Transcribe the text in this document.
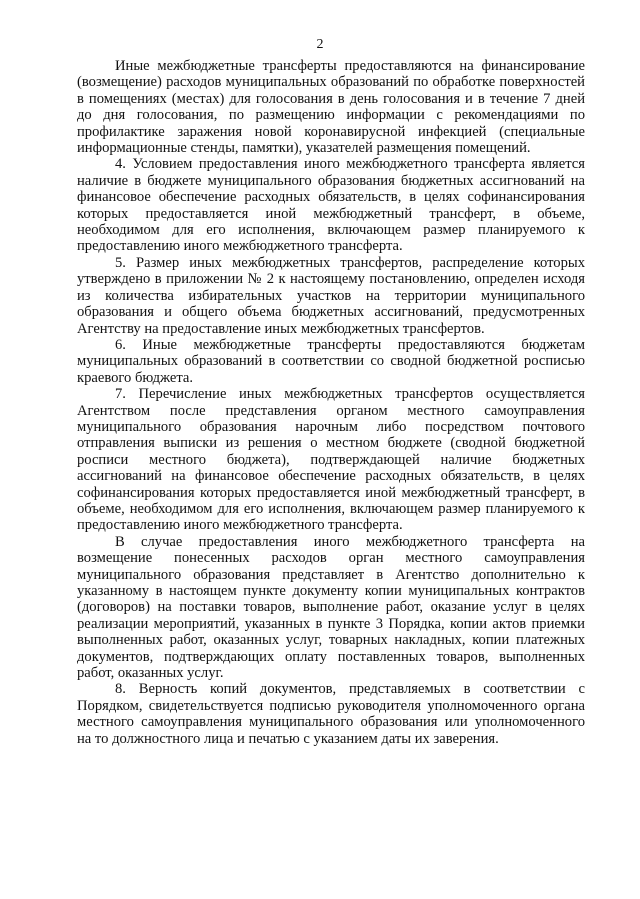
2

Иные межбюджетные трансферты предоставляются на финансирование (возмещение) расходов муниципальных образований по обработке поверхностей в помещениях (местах) для голосования в день голосования и в течение 7 дней до дня голосования, по размещению информации с рекомендациями по профилактике заражения новой коронавирусной инфекцией (специальные информационные стенды, памятки), указателей размещения помещений.

4. Условием предоставления иного межбюджетного трансферта является наличие в бюджете муниципального образования бюджетных ассигнований на финансовое обеспечение расходных обязательств, в целях софинансирования которых предоставляется иной межбюджетный трансферт, в объеме, необходимом для его исполнения, включающем размер планируемого к предоставлению иного межбюджетного трансферта.

5. Размер иных межбюджетных трансфертов, распределение которых утверждено в приложении № 2 к настоящему постановлению, определен исходя из количества избирательных участков на территории муниципального образования и общего объема бюджетных ассигнований, предусмотренных Агентству на предоставление иных межбюджетных трансфертов.

6. Иные межбюджетные трансферты предоставляются бюджетам муниципальных образований в соответствии со сводной бюджетной росписью краевого бюджета.

7. Перечисление иных межбюджетных трансфертов осуществляется Агентством после представления органом местного самоуправления муниципального образования нарочным либо посредством почтового отправления выписки из решения о местном бюджете (сводной бюджетной росписи местного бюджета), подтверждающей наличие бюджетных ассигнований на финансовое обеспечение расходных обязательств, в целях софинансирования которых предоставляется иной межбюджетный трансферт, в объеме, необходимом для его исполнения, включающем размер планируемого к предоставлению иного межбюджетного трансферта.

В случае предоставления иного межбюджетного трансферта на возмещение понесенных расходов орган местного самоуправления муниципального образования представляет в Агентство дополнительно к указанному в настоящем пункте документу копии муниципальных контрактов (договоров) на поставки товаров, выполнение работ, оказание услуг в целях реализации мероприятий, указанных в пункте 3 Порядка, копии актов приемки выполненных работ, оказанных услуг, товарных накладных, копии платежных документов, подтверждающих оплату поставленных товаров, выполненных работ, оказанных услуг.

8. Верность копий документов, представляемых в соответствии с Порядком, свидетельствуется подписью руководителя уполномоченного органа местного самоуправления муниципального образования или уполномоченного на то должностного лица и печатью с указанием даты их заверения.
